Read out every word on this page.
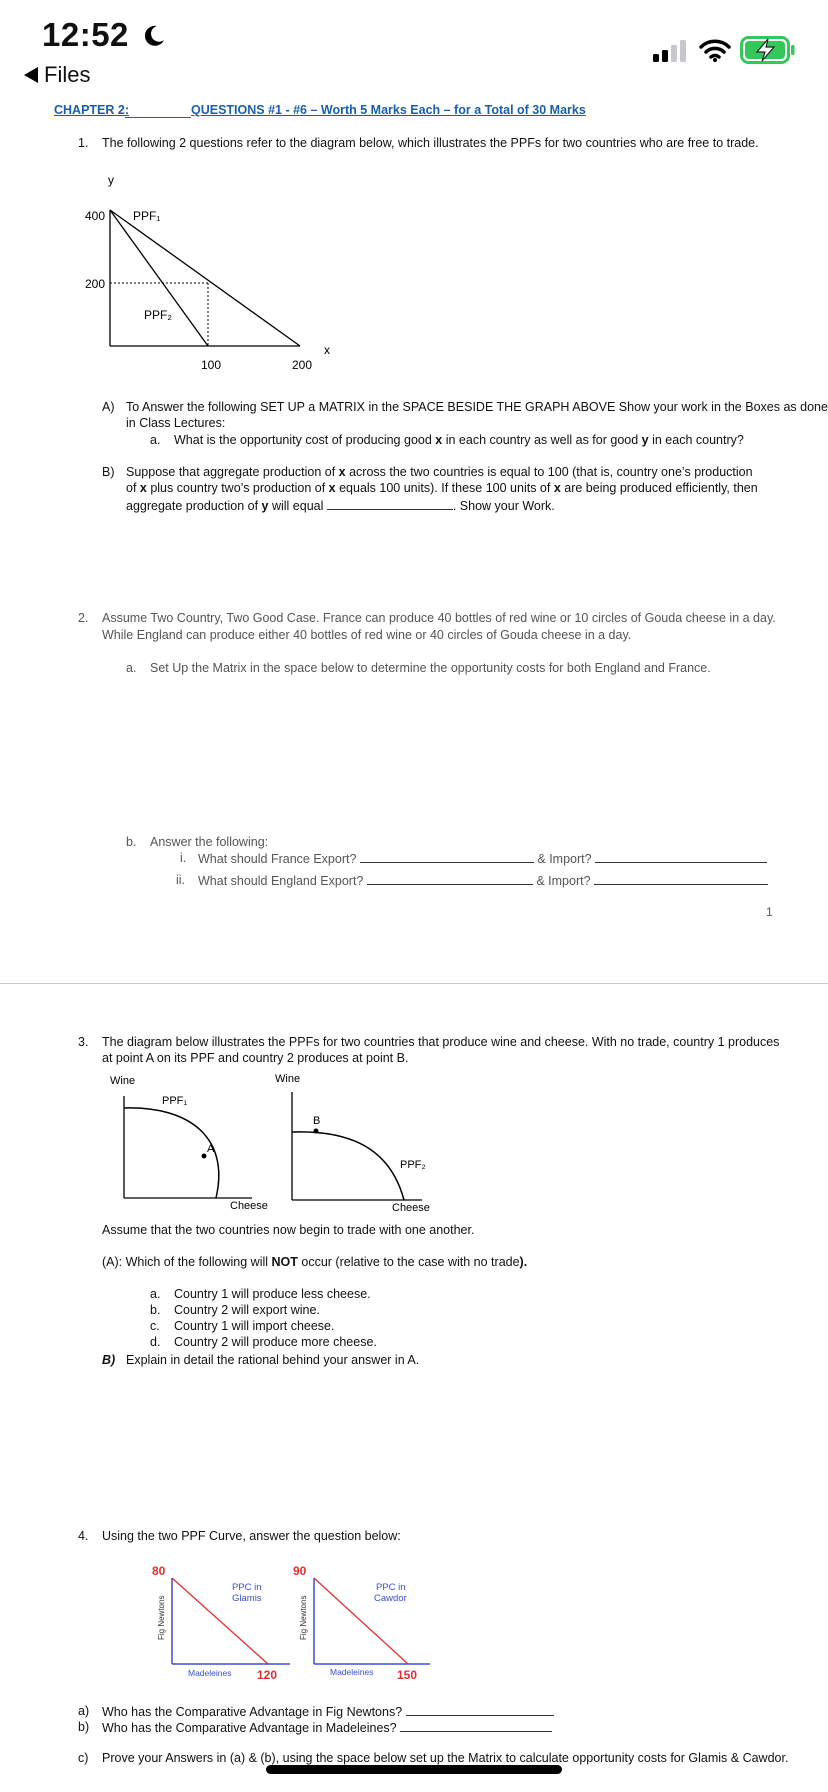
12:52
Files
CHAPTER 2:	QUESTIONS #1 - #6 – Worth 5 Marks Each – for a Total of 30 Marks
1. The following 2 questions refer to the diagram below, which illustrates the PPFs for two countries who are free to trade.
y
400
200
PPF₁
PPF₂
x
100	200
A) To Answer the following SET UP a MATRIX in the SPACE BESIDE THE GRAPH ABOVE Show your work in the Boxes as done
in Class Lectures:
a. What is the opportunity cost of producing good x in each country as well as for good y in each country?
B) Suppose that aggregate production of x across the two countries is equal to 100 (that is, country one’s production
of x plus country two’s production of x equals 100 units). If these 100 units of x are being produced efficiently, then
aggregate production of y will equal	. Show your Work.
2. Assume Two Country, Two Good Case. France can produce 40 bottles of red wine or 10 circles of Gouda cheese in a day.
While England can produce either 40 bottles of red wine or 40 circles of Gouda cheese in a day.
a. Set Up the Matrix in the space below to determine the opportunity costs for both England and France.
b. Answer the following:
i. What should France Export?	& Import?
ii. What should England Export?	& Import?
1
3. The diagram below illustrates the PPFs for two countries that produce wine and cheese. With no trade, country 1 produces
at point A on its PPF and country 2 produces at point B.
Wine	Wine
PPF₁
A
Cheese
B
PPF₂
Cheese
Assume that the two countries now begin to trade with one another.
(A): Which of the following will NOT occur (relative to the case with no trade).
a. Country 1 will produce less cheese.
b. Country 2 will export wine.
c. Country 1 will import cheese.
d. Country 2 will produce more cheese.
B) Explain in detail the rational behind your answer in A.
4. Using the two PPF Curve, answer the question below:
80
Fig Newtons
PPC in
Glamis
Madeleines 120
90
Fig Newtons
PPC in
Cawdor
Madeleines 150
a) Who has the Comparative Advantage in Fig Newtons?
b) Who has the Comparative Advantage in Madeleines?
c) Prove your Answers in (a) & (b), using the space below set up the Matrix to calculate opportunity costs for Glamis & Cawdor.
